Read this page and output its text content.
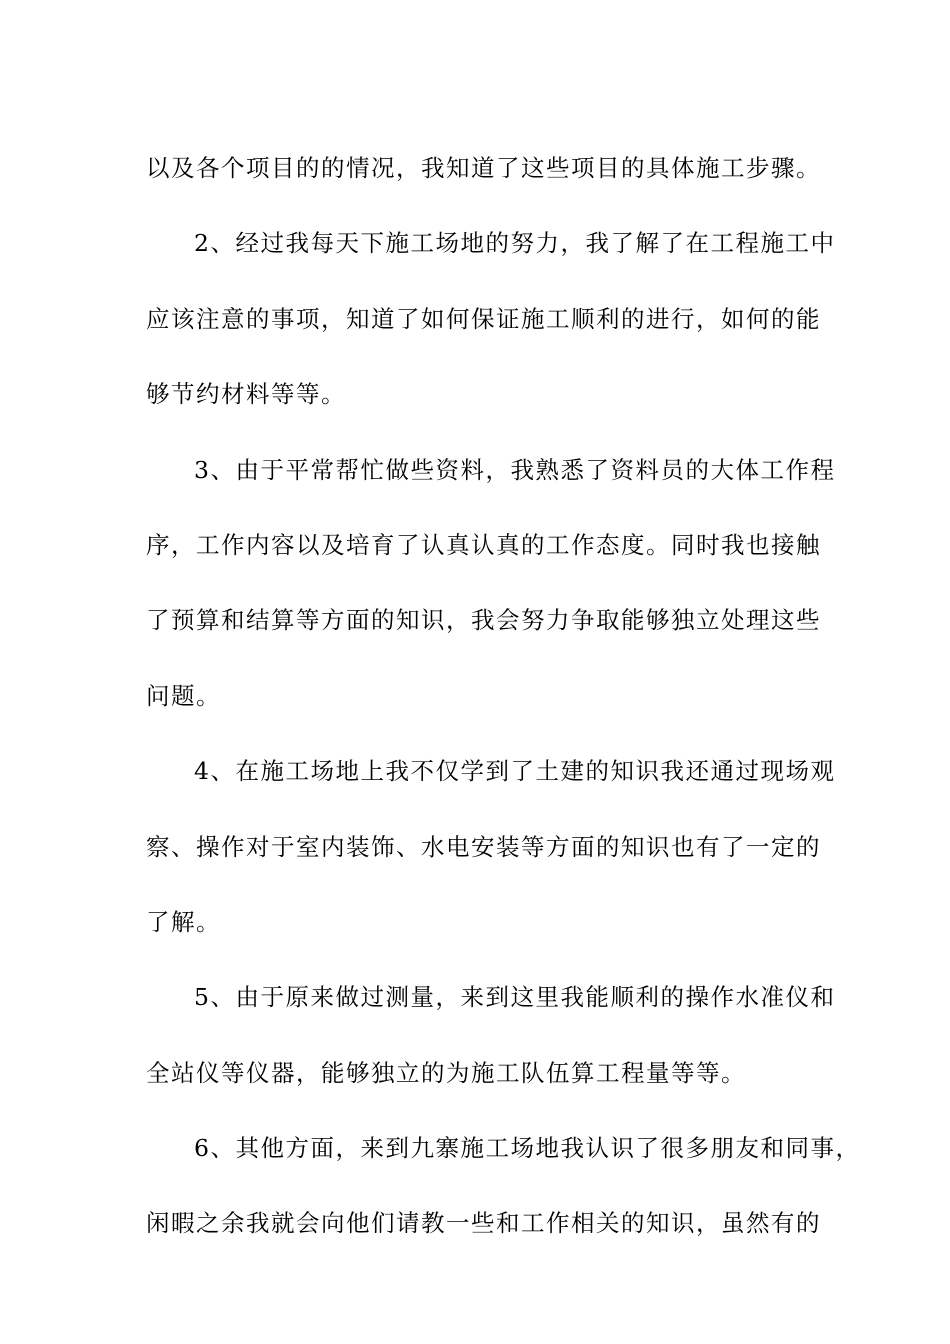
以及各个项目的的情况，我知道了这些项目的具体施工步骤。
2、经过我每天下施工场地的努力，我了解了在工程施工中
应该注意的事项，知道了如何保证施工顺利的进行，如何的能
够节约材料等等。
3、由于平常帮忙做些资料，我熟悉了资料员的大体工作程
序，工作内容以及培育了认真认真的工作态度。同时我也接触
了预算和结算等方面的知识，我会努力争取能够独立处理这些
问题。
4、在施工场地上我不仅学到了土建的知识我还通过现场观
察、操作对于室内装饰、水电安装等方面的知识也有了一定的
了解。
5、由于原来做过测量，来到这里我能顺利的操作水准仪和
全站仪等仪器，能够独立的为施工队伍算工程量等等。
6、其他方面，来到九寨施工场地我认识了很多朋友和同事，
闲暇之余我就会向他们请教一些和工作相关的知识，虽然有的
